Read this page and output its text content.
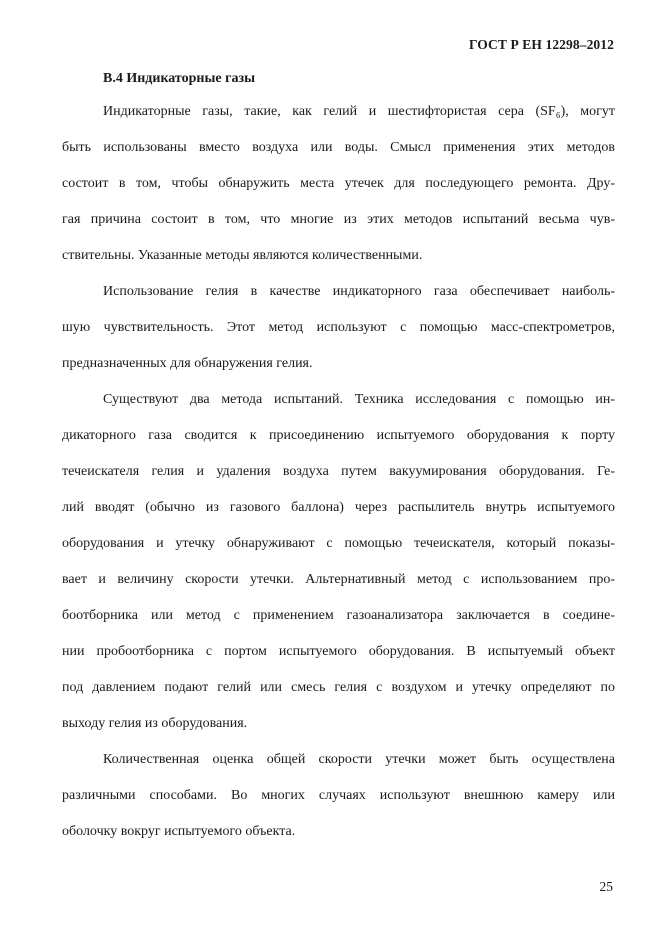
ГОСТ Р ЕН 12298–2012
В.4 Индикаторные газы
Индикаторные газы, такие, как гелий и шестифтористая сера (SF₆), могут
быть использованы вместо воздуха или воды. Смысл применения этих методов
состоит в том, чтобы обнаружить места утечек для последующего ремонта. Дру-
гая причина состоит в том, что многие из этих методов испытаний весьма чув-
ствительны. Указанные методы являются количественными.
Использование гелия в качестве индикаторного газа обеспечивает наиболь-
шую чувствительность. Этот метод используют с помощью масс-спектрометров,
предназначенных для обнаружения гелия.
Существуют два метода испытаний. Техника исследования с помощью ин-
дикаторного газа сводится к присоединению испытуемого оборудования к порту
течеискателя гелия и удаления воздуха путем вакуумирования оборудования. Ге-
лий вводят (обычно из газового баллона) через распылитель внутрь испытуемого
оборудования и утечку обнаруживают с помощью течеискателя, который показы-
вает и величину скорости утечки. Альтернативный метод с использованием про-
боотборника или метод с применением газоанализатора заключается в соедине-
нии пробоотборника с портом испытуемого оборудования. В испытуемый объект
под давлением подают гелий или смесь гелия с воздухом и утечку определяют по
выходу гелия из оборудования.
Количественная оценка общей скорости утечки может быть осуществлена
различными способами. Во многих случаях используют внешнюю камеру или
оболочку вокруг испытуемого объекта.
25
